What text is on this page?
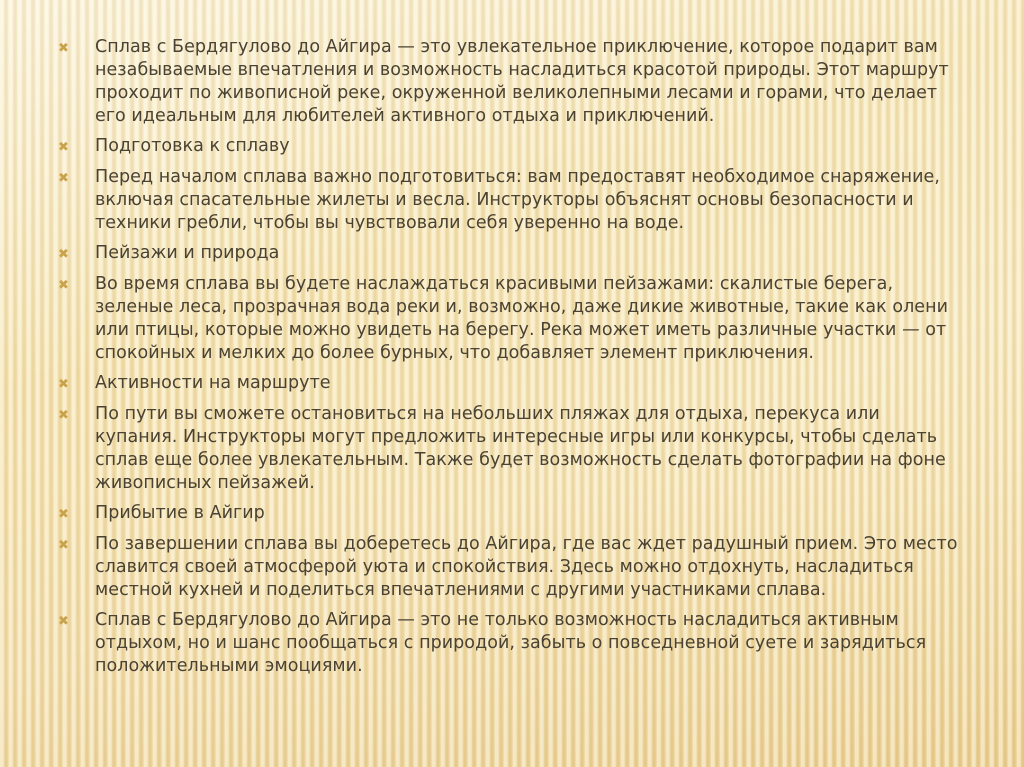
✖	Сплав с Бердягулово до Айгира — это увлекательное приключение, которое подарит вам незабываемые впечатления и возможность насладиться красотой природы. Этот маршрут проходит по живописной реке, окруженной великолепными лесами и горами, что делает его идеальным для любителей активного отдыха и приключений.
✖	Подготовка к сплаву
✖	Перед началом сплава важно подготовиться: вам предоставят необходимое снаряжение, включая спасательные жилеты и весла. Инструкторы объяснят основы безопасности и техники гребли, чтобы вы чувствовали себя уверенно на воде.
✖	Пейзажи и природа
✖	Во время сплава вы будете наслаждаться красивыми пейзажами: скалистые берега, зеленые леса, прозрачная вода реки и, возможно, даже дикие животные, такие как олени или птицы, которые можно увидеть на берегу. Река может иметь различные участки — от спокойных и мелких до более бурных, что добавляет элемент приключения.
✖	Активности на маршруте
✖	По пути вы сможете остановиться на небольших пляжах для отдыха, перекуса или купания. Инструкторы могут предложить интересные игры или конкурсы, чтобы сделать сплав еще более увлекательным. Также будет возможность сделать фотографии на фоне живописных пейзажей.
✖	Прибытие в Айгир
✖	По завершении сплава вы доберетесь до Айгира, где вас ждет радушный прием. Это место славится своей атмосферой уюта и спокойствия. Здесь можно отдохнуть, насладиться местной кухней и поделиться впечатлениями с другими участниками сплава.
✖	Сплав с Бердягулово до Айгира — это не только возможность насладиться активным отдыхом, но и шанс пообщаться с природой, забыть о повседневной суете и зарядиться положительными эмоциями.
